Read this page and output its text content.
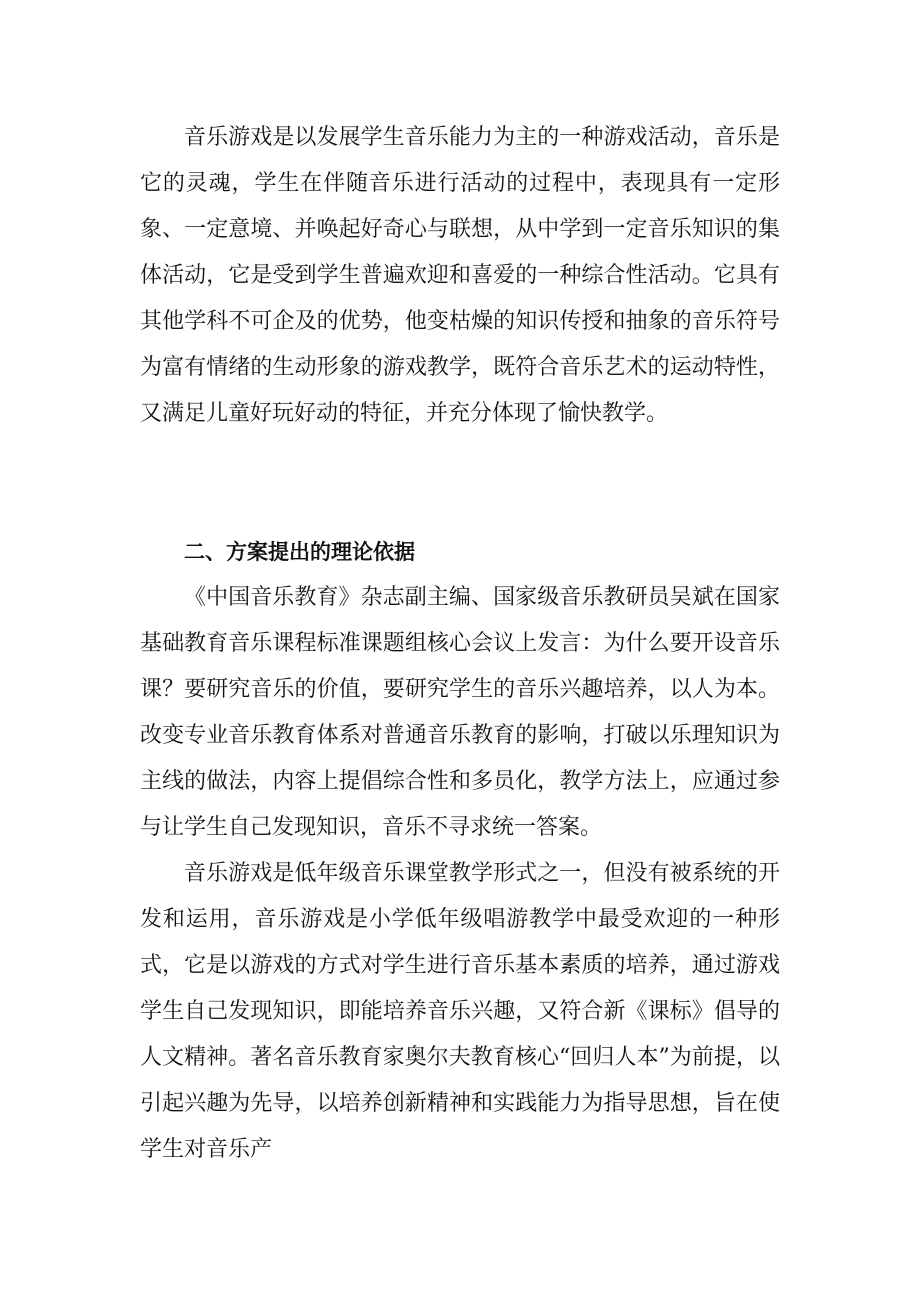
音乐游戏是以发展学生音乐能力为主的一种游戏活动，音乐是它的灵魂，学生在伴随音乐进行活动的过程中，表现具有一定形象、一定意境、并唤起好奇心与联想，从中学到一定音乐知识的集体活动，它是受到学生普遍欢迎和喜爱的一种综合性活动。它具有其他学科不可企及的优势，他变枯燥的知识传授和抽象的音乐符号为富有情绪的生动形象的游戏教学，既符合音乐艺术的运动特性，又满足儿童好玩好动的特征，并充分体现了愉快教学。

二、方案提出的理论依据

《中国音乐教育》杂志副主编、国家级音乐教研员吴斌在国家基础教育音乐课程标准课题组核心会议上发言：为什么要开设音乐课？要研究音乐的价值，要研究学生的音乐兴趣培养，以人为本。改变专业音乐教育体系对普通音乐教育的影响，打破以乐理知识为主线的做法，内容上提倡综合性和多员化，教学方法上，应通过参与让学生自己发现知识，音乐不寻求统一答案。

音乐游戏是低年级音乐课堂教学形式之一，但没有被系统的开发和运用，音乐游戏是小学低年级唱游教学中最受欢迎的一种形式，它是以游戏的方式对学生进行音乐基本素质的培养，通过游戏学生自己发现知识，即能培养音乐兴趣，又符合新《课标》倡导的人文精神。著名音乐教育家奥尔夫教育核心“回归人本”为前提，以引起兴趣为先导，以培养创新精神和实践能力为指导思想，旨在使学生对音乐产
